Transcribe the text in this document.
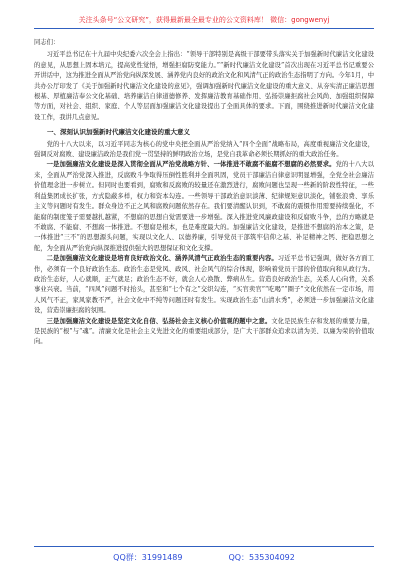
关注头条号“公文研究”，获得最新最全最专业的公文资料库！ 微信：gongwenyj

同志们：

习近平总书记在十九届中央纪委六次全会上指出：“领导干部特别是高级干部要带头落实关于加强新时代廉洁文化建设的意见，从思想上固本培元，提高党性觉悟，增强拒腐防变能力。”“新时代廉洁文化建设”首次出现在习近平总书记重要公开讲话中，这为推进全面从严治党向纵深发展、涵养党内良好的政治文化和风清气正的政治生态指明了方向。今年1月，中共办公厅印发了《关于加强新时代廉洁文化建设的意见》，强调加强新时代廉洁文化建设的重大意义、从夯实清正廉洁思想根基、厚植廉洁奉公文化基础、培养廉洁自律道德修养、发挥廉洁教育基础作用、弘扬崇廉拒腐社会风尚、加强组织保障等方面，对社会、组织、家庭、个人等层面加强廉洁文化建设提出了全面具体的要求。下面，围绕推进新时代廉洁文化建设工作，我讲几点意见。

一、深刻认识加强新时代廉洁文化建设的重大意义

党的十八大以来，以习近平同志为核心的党中央把全面从严治党纳入“四个全面”战略布局，高度重视廉洁文化建设，强调反对腐败、建设廉洁政治是我们党一贯坚持的鲜明政治立场，是党自我革命必须长期抓好的重大政治任务。

一是加强廉洁文化建设是深入贯彻全面从严治党战略方针、一体推进不敢腐不能腐不想腐的必然要求。党的十八大以来，全面从严治党深入推进，反腐败斗争取得压倒性胜利并全面巩固，党员干部廉洁自律意识明显增强，全党全社会廉洁价值理念进一步树立。但同时也要看到，腐败和反腐败的较量还在激烈进行，腐败问题也呈现一些新的阶段性特征，一些利益集团成长扩张，方式隐蔽多样，权力和资本勾连。一些领导干部政治意识淡薄、纪律规矩意识淡化，铺张浪费、享乐主义等问题时有发生。群众身边不正之风和腐败问题依然存在。我们要清醒认识到，不敢腐的震慑作用需要持续强化，不能腐的制度笼子需要越扎越紧，不想腐的思想自觉需要进一步增强。深入推进党风廉政建设和反腐败斗争，总的方略就是不敢腐、不能腐、不想腐一体推进。不想腐是根本，也是难度最大的。加强廉洁文化建设，是推进不想腐的治本之策，是一体推进“三不”的思想源头问题，实现以文化人、以德养廉，引导党员干部筑牢信仰之基、补足精神之钙、把稳思想之舵，为全面从严治党向纵深推进提供强大的思想保证和文化支撑。

二是加强廉洁文化建设是培育良好政治文化、涵养风清气正政治生态的重要内容。习近平总书记强调，做好各方面工作，必须有一个良好政治生态。政治生态是党风、政风、社会风气的综合体现，影响着党员干部的价值取向和从政行为。政治生态好，人心就顺，正气就足；政治生态不好，就会人心涣散、弊病丛生。营造良好政治生态，关系人心向背，关系事业兴衰。当前，“四风”问题不时抬头，甚至和“七个有之”交织勾连，“买官卖官”“吃喝”“圈子”文化依然在一定市场，用人风气不正，家风家教不严，社会文化中不纯等问题还时有发生。实现政治生态“山清水秀”，必须进一步加强廉洁文化建设，营造崇廉拒腐的氛围。

三是加强廉洁文化建设是坚定文化自信、弘扬社会主义核心价值观的题中之意。文化是民族生存和发展的重要力量，是民族的“根”与“魂”。清廉文化是社会主义先进文化的重要组成部分，是广大干部群众追求以清为美、以廉为荣的价值取向。

QQ群：31991489	QQ：535304092
